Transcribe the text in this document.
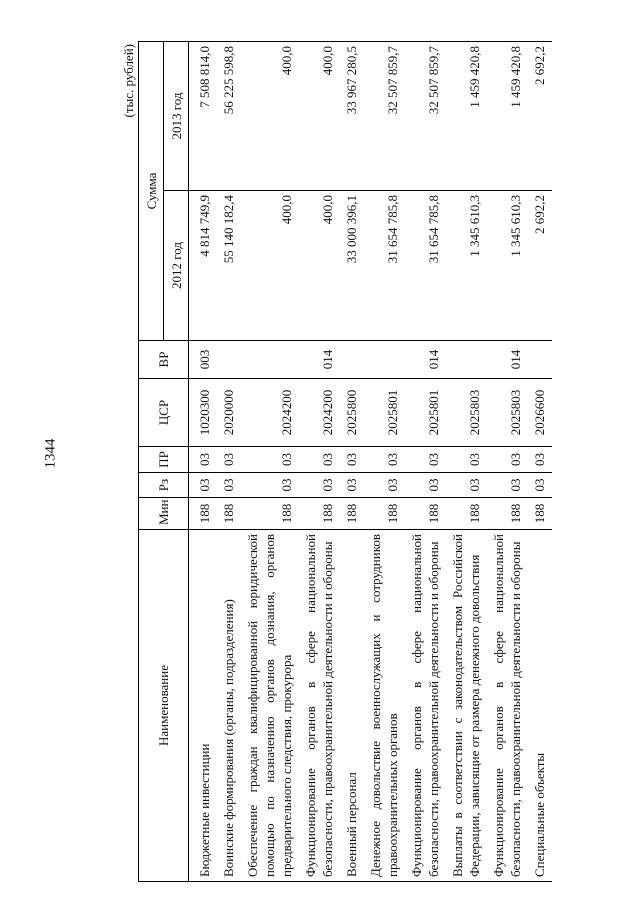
1344
(тыс. рублей)
Наименование	Мин	Рз	ПР	ЦСР	ВР	Сумма	
						2012 год	2013 год
Бюджетные инвестиции	188	03	03	1020300	003	4 814 749,9	7 508 814,0
Воинские формирования (органы, подразделения)	188	03	03	2020000		55 140 182,4	56 225 598,8
Обеспечение граждан квалифицированной юридической помощью по назначению органов дознания, органов предварительного следствия, прокурора	188	03	03	2024200		400,0	400,0
Функционирование органов в сфере национальной безопасности, правоохранительной деятельности и обороны	188	03	03	2024200	014	400,0	400,0
Военный персонал	188	03	03	2025800		33 000 396,1	33 967 280,5
Денежное довольствие военнослужащих и сотрудников правоохранительных органов	188	03	03	2025801		31 654 785,8	32 507 859,7
Функционирование органов в сфере национальной безопасности, правоохранительной деятельности и обороны	188	03	03	2025801	014	31 654 785,8	32 507 859,7
Выплаты в соответствии с законодательством Российской Федерации, зависящие от размера денежного довольствия	188	03	03	2025803		1 345 610,3	1 459 420,8
Функционирование органов в сфере национальной безопасности, правоохранительной деятельности и обороны	188	03	03	2025803	014	1 345 610,3	1 459 420,8
Специальные объекты	188	03	03	2026600		2 692,2	2 692,2
